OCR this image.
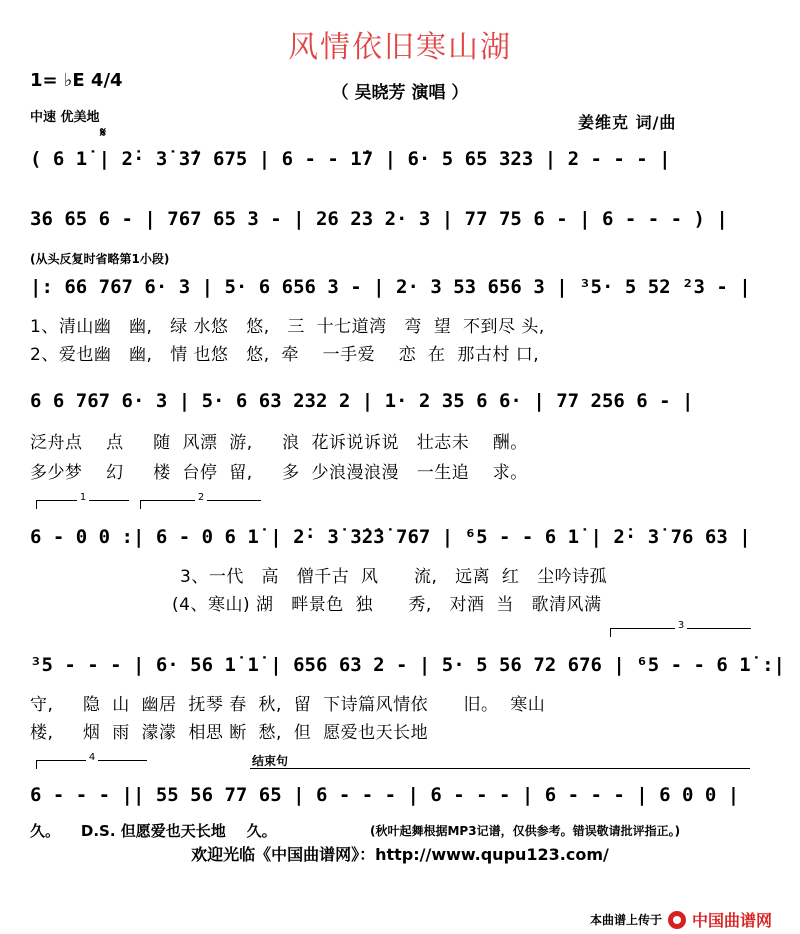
风情依旧寒山湖
（ 吴晓芳 演唱 ）
1= ♭E 4/4
中速 优美地	姜维克 词/曲
𝄋
( 6 1̇ | 2̇· 3̇ 3̇7 675 | 6 - - 1̇7 | 6· 5 65 323 | 2 - - - |
36 65 6 - | 767 65 3 - | 26 23 2· 3 | 77 75 6 - | 6 - - - ) |
(从头反复时省略第1小段)
|: 66 767 6· 3 | 5· 6 656 3 - | 2· 3 53 656 3 | ³5· 5 52 ²3 - |
1、清山幽   幽,   绿 水悠   悠,   三  十七道湾   弯  望  不到尽 头,
2、爱也幽   幽,   情 也悠   悠,  牵    一手爱    恋  在  那古村 口,
6 6 767 6· 3 | 5· 6 63 232 2 | 1· 2 35 6 6· | 77 256 6 - |
泛舟点    点     随  风漂  游,     浪  花诉说诉说   壮志未    酬。
多少梦    幻     楼  台停  留,     多  少浪漫浪漫   一生追    求。
1	2
6 - 0 0 :| 6 - 0 6 1̇ | 2̇· 3̇ 3̇2̇3̇ 767 | ⁶5 - - 6 1̇ | 2̇· 3̇ 76 63 |
3、一代   高   僧千古  风      流,   远离  红   尘吟诗孤
(4、寒山) 湖   畔景色  独      秀,   对酒  当   歌清风满
3
³5 - - - | 6· 56 1̇ 1̇ | 656 63 2 - | 5· 5 56 72 676 | ⁶5 - - 6 1̇ :|
守,     隐  山  幽居  抚琴 春  秋,  留  下诗篇风情依      旧。  寒山
楼,     烟  雨  濛濛  相思 断  愁,  但  愿爱也天长地
4	结束句
6 - - - || 55 56 77 65 | 6 - - - | 6 - - - | 6 - - - | 6 0 0 |
久。    D.S. 但愿爱也天长地    久。	(秋叶起舞根据MP3记谱，仅供参考。错误敬请批评指正。)
欢迎光临《中国曲谱网》：http://www.qupu123.com/
本曲谱上传于 中国曲谱网
